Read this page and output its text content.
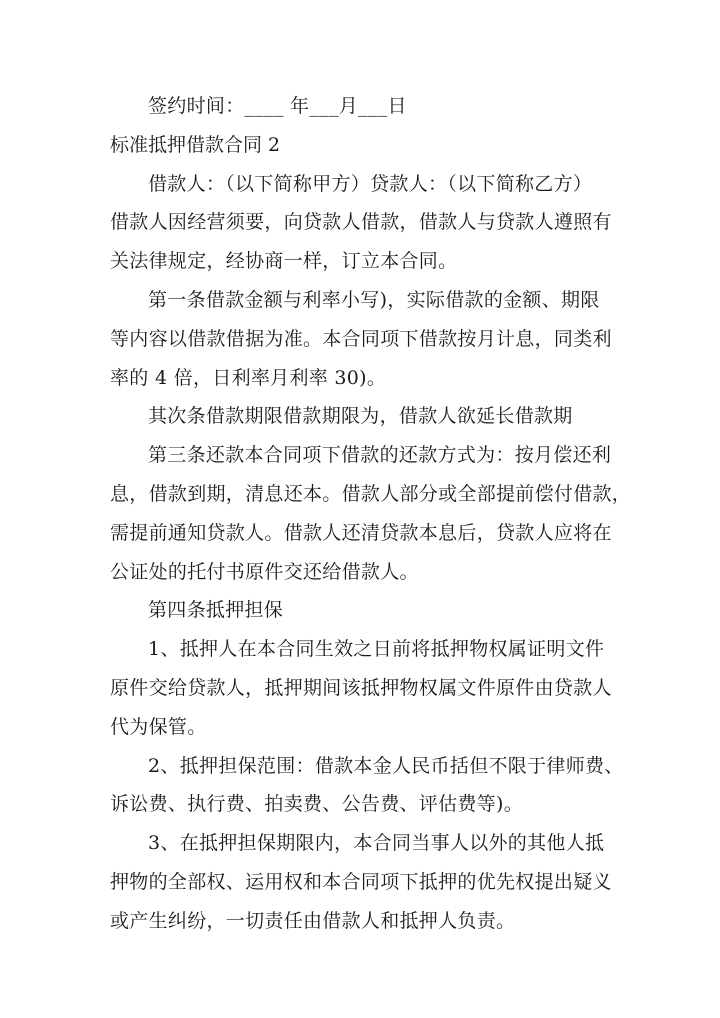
签约时间：____ 年___月___日
标准抵押借款合同 2
借款人：（以下简称甲方）贷款人：（以下简称乙方）
借款人因经营须要，向贷款人借款，借款人与贷款人遵照有
关法律规定，经协商一样，订立本合同。
第一条借款金额与利率小写)，实际借款的金额、期限
等内容以借款借据为准。本合同项下借款按月计息，同类利
率的 4 倍，日利率月利率 30)。
其次条借款期限借款期限为，借款人欲延长借款期
第三条还款本合同项下借款的还款方式为：按月偿还利
息，借款到期，清息还本。借款人部分或全部提前偿付借款，
需提前通知贷款人。借款人还清贷款本息后，贷款人应将在
公证处的托付书原件交还给借款人。
第四条抵押担保
1、抵押人在本合同生效之日前将抵押物权属证明文件
原件交给贷款人，抵押期间该抵押物权属文件原件由贷款人
代为保管。
2、抵押担保范围：借款本金人民币括但不限于律师费、
诉讼费、执行费、拍卖费、公告费、评估费等)。
3、在抵押担保期限内，本合同当事人以外的其他人抵
押物的全部权、运用权和本合同项下抵押的优先权提出疑义
或产生纠纷，一切责任由借款人和抵押人负责。
